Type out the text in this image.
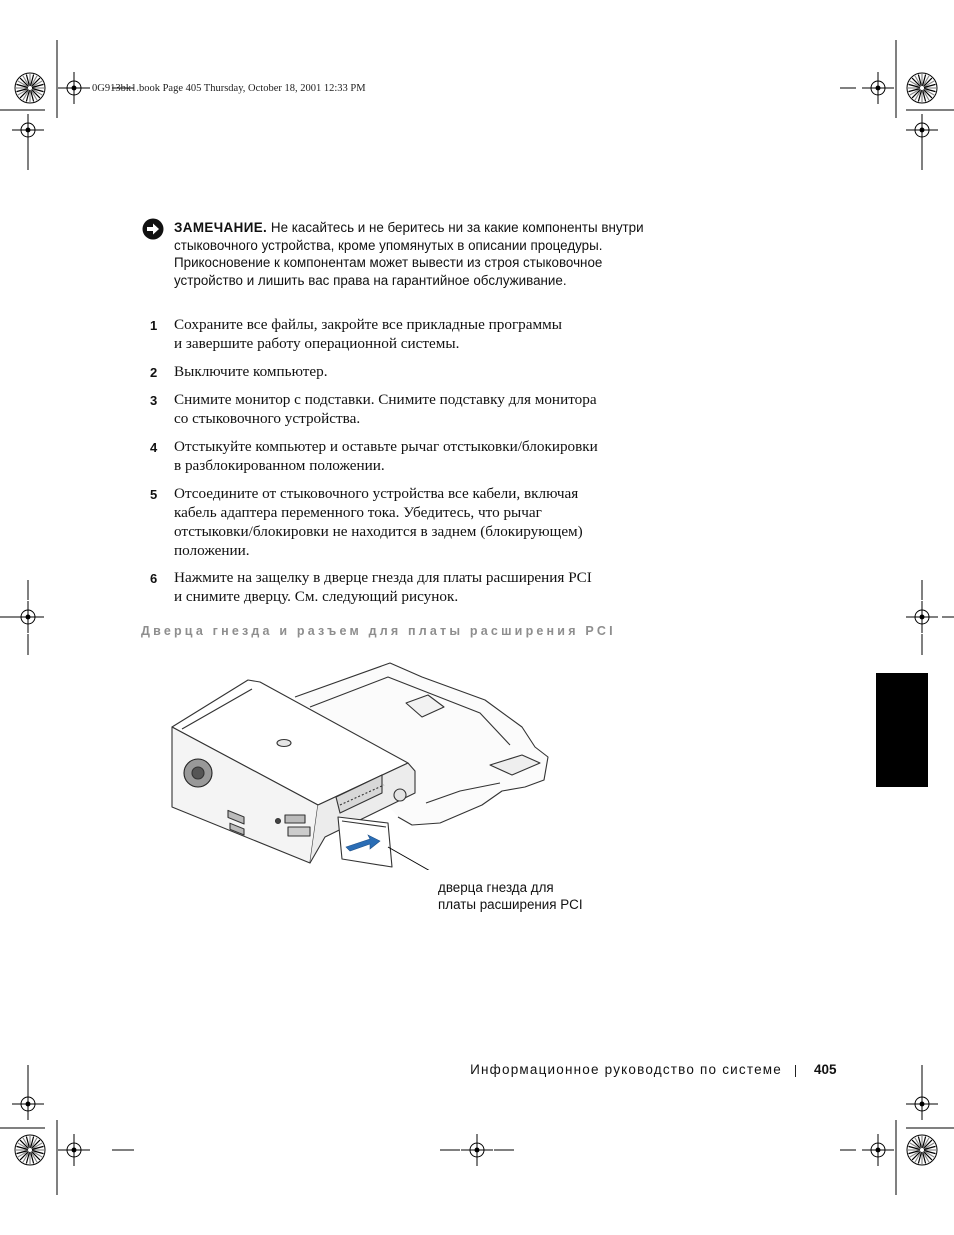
0G913bk1.book Page 405 Thursday, October 18, 2001 12:33 PM
ЗАМЕЧАНИЕ. Не касайтесь и не беритесь ни за какие компоненты внутри стыковочного устройства, кроме упомянутых в описании процедуры. Прикосновение к компонентам может вывести из строя стыковочное устройство и лишить вас права на гарантийное обслуживание.
1	Сохраните все файлы, закройте все прикладные программы
и завершите работу операционной системы.
2	Выключите компьютер.
3	Снимите монитор с подставки. Снимите подставку для монитора
со стыковочного устройства.
4	Отстыкуйте компьютер и оставьте рычаг отстыковки/блокировки
в разблокированном положении.
5	Отсоедините от стыковочного устройства все кабели, включая
кабель адаптера переменного тока. Убедитесь, что рычаг
отстыковки/блокировки не находится в заднем (блокирующем)
положении.
6	Нажмите на защелку в дверце гнезда для платы расширения PCI
и снимите дверцу. См. следующий рисунок.
Дверца гнезда и разъем для платы расширения PCI
дверца гнезда для
платы расширения PCI
Информационное руководство по системе 405
